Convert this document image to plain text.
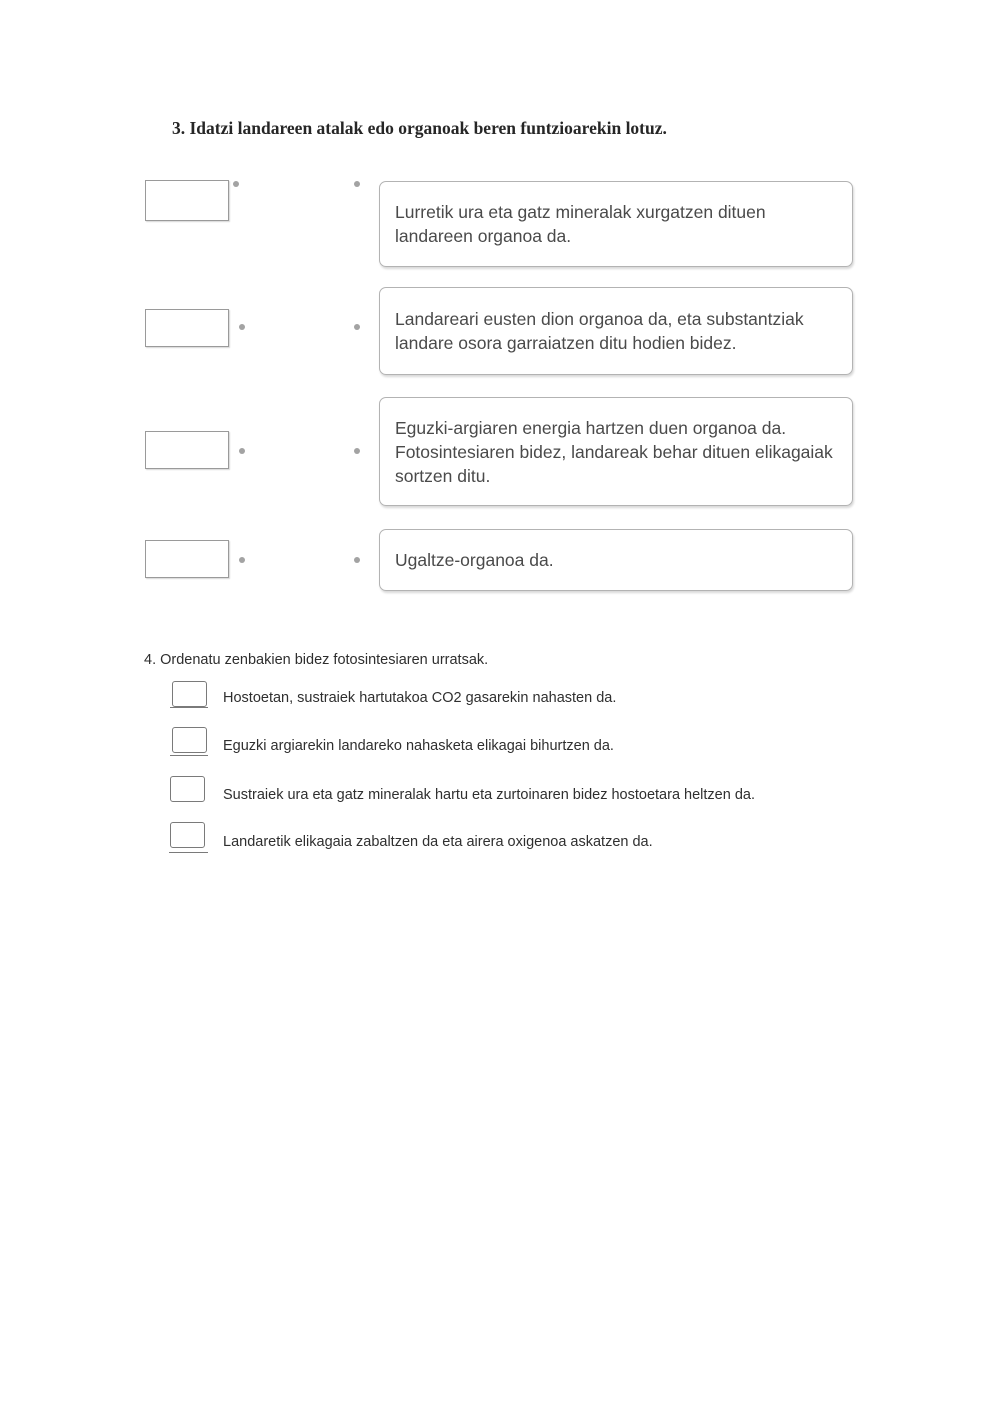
3. Idatzi landareen atalak edo organoak beren funtzioarekin lotuz.
Lurretik ura eta gatz mineralak xurgatzen dituen landareen organoa da.
Landareari eusten dion organoa da, eta substantziak landare osora garraiatzen ditu hodien bidez.
Eguzki-argiaren energia hartzen duen organoa da. Fotosintesiaren bidez, landareak behar dituen elikagaiak sortzen ditu.
Ugaltze-organoa da.
4. Ordenatu zenbakien bidez fotosintesiaren urratsak.
Hostoetan, sustraiek hartutakoa CO2 gasarekin nahasten da.
Eguzki argiarekin landareko nahasketa elikagai bihurtzen da.
Sustraiek ura eta gatz mineralak hartu eta zurtoinaren bidez hostoetara heltzen da.
Landaretik elikagaia zabaltzen da eta airera oxigenoa askatzen da.
